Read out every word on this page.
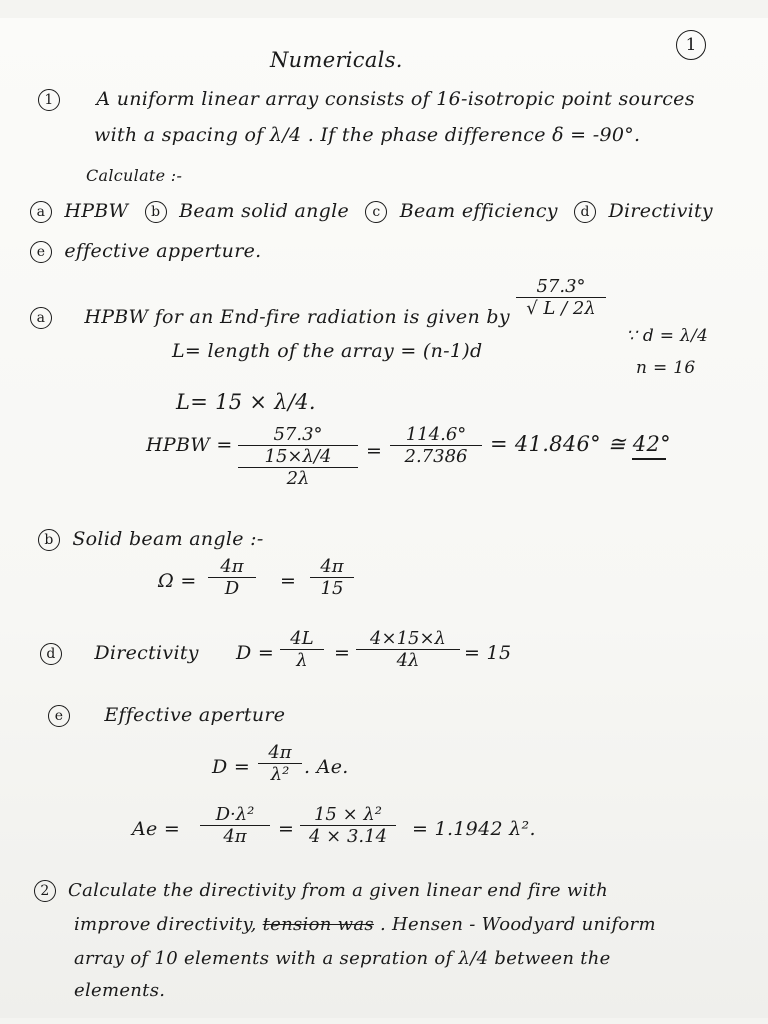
Numericals.
1
1 A uniform linear array consists of 16-isotropic point sources
with a spacing of λ/4 . If the phase difference δ = -90°.
Calculate :-
a HPBW b Beam solid angle c Beam efficiency d Directivity
e effective apperture.
a HPBW for an End-fire radiation is given by $\frac{57.3^\circ}{√ L / 2\lambda}$
L= length of the array = (n-1)d
∵ d = λ/4
n = 16
L= 15 × λ/4.
HPBW =	57.3°
15×λ/4
2λ
= $\frac{114.6^\circ}{2.7386} = 41.846^\circ$ ≅ 42°
b Solid beam angle :-
$\Omega = \frac{4\pi}{D} = \frac{4\pi}{15}$
d Directivity $D = \frac{4L}{\lambda} = \frac{4\times 15\times\lambda}{4\lambda} = 15$
e Effective aperture
$D = \frac{4\pi}{\text{λ²}}$ . Ae.
$Ae = \frac{\text{D·λ²}}{4\pi} = \frac{\text{15 × λ²}}{4 \times 3.14} = 1.1942$ λ².
2 Calculate the directivity from a given linear end fire with
improve directivity, tension was . Hensen - Woodyard uniform
array of 10 elements with a sepration of λ/4 between the
elements.
